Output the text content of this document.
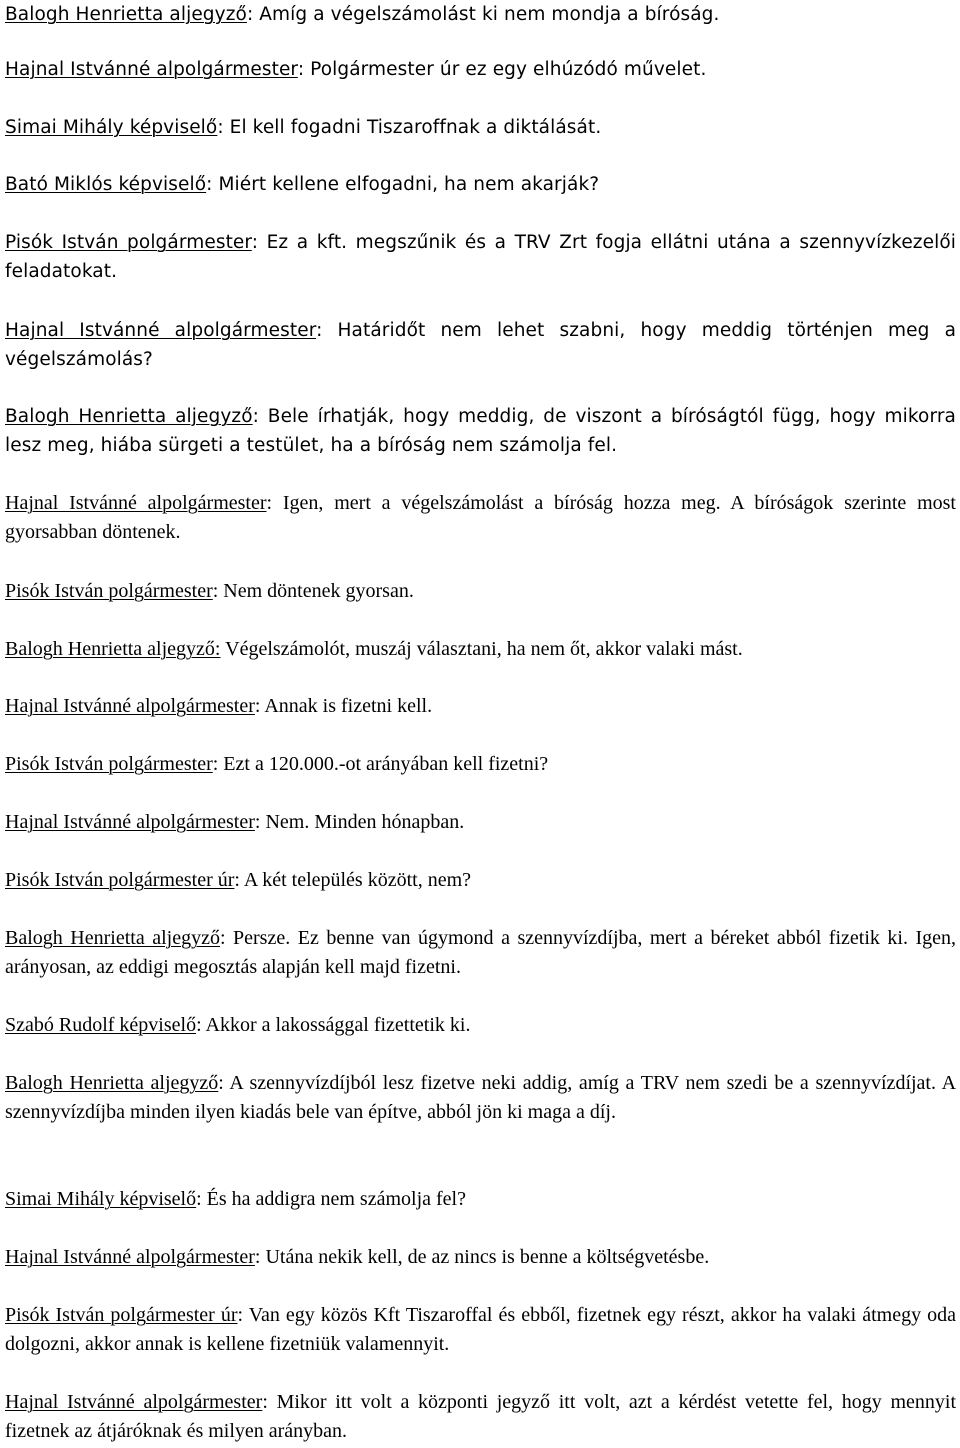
Balogh Henrietta aljegyző: Amíg a végelszámolást ki nem mondja a bíróság.

Hajnal Istvánné alpolgármester: Polgármester úr ez egy elhúzódó művelet.

Simai Mihály képviselő: El kell fogadni Tiszaroffnak a diktálását.

Bató Miklós képviselő: Miért kellene elfogadni, ha nem akarják?

Pisók István polgármester: Ez a kft. megszűnik és a TRV Zrt fogja ellátni utána a szennyvízkezelői feladatokat.

Hajnal Istvánné alpolgármester: Határidőt nem lehet szabni, hogy meddig történjen meg a végelszámolás?

Balogh Henrietta aljegyző: Bele írhatják, hogy meddig, de viszont a bíróságtól függ, hogy mikorra lesz meg, hiába sürgeti a testület, ha a bíróság nem számolja fel.

Hajnal Istvánné alpolgármester: Igen, mert a végelszámolást a bíróság hozza meg. A bíróságok szerinte most gyorsabban döntenek.

Pisók István polgármester: Nem döntenek gyorsan.

Balogh Henrietta aljegyző: Végelszámolót, muszáj választani, ha nem őt, akkor valaki mást.

Hajnal Istvánné alpolgármester: Annak is fizetni kell.

Pisók István polgármester: Ezt a 120.000.-ot arányában kell fizetni?

Hajnal Istvánné alpolgármester: Nem. Minden hónapban.

Pisók István polgármester úr: A két település között, nem?

Balogh Henrietta aljegyző: Persze. Ez benne van úgymond a szennyvízdíjba, mert a béreket abból fizetik ki. Igen, arányosan, az eddigi megosztás alapján kell majd fizetni.

Szabó Rudolf képviselő: Akkor a lakossággal fizettetik ki.

Balogh Henrietta aljegyző: A szennyvízdíjból lesz fizetve neki addig, amíg a TRV nem szedi be a szennyvízdíjat. A szennyvízdíjba minden ilyen kiadás bele van építve, abból jön ki maga a díj.

Simai Mihály képviselő: És ha addigra nem számolja fel?

Hajnal Istvánné alpolgármester: Utána nekik kell, de az nincs is benne a költségvetésbe.

Pisók István polgármester úr: Van egy közös Kft Tiszaroffal és ebből, fizetnek egy részt, akkor ha valaki átmegy oda dolgozni, akkor annak is kellene fizetniük valamennyit.

Hajnal Istvánné alpolgármester: Mikor itt volt a központi jegyző itt volt, azt a kérdést vetette fel, hogy mennyit fizetnek az átjáróknak és milyen arányban.
